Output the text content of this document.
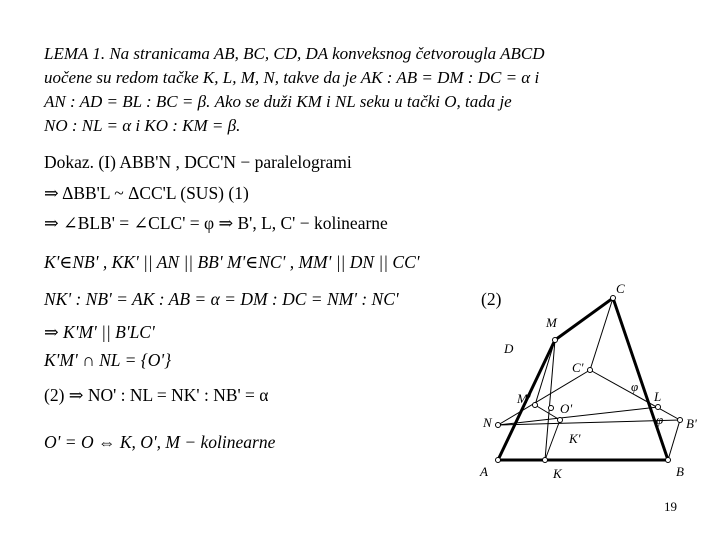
LEMA 1. Na stranicama AB, BC, CD, DA konveksnog četvorougla ABCD
uočene su redom tačke K, L, M, N, takve da je AK : AB = DM : DC = α i
AN : AD = BL : BC = β. Ako se duži KM i NL seku u tački O, tada je
NO : NL = α i KO : KM = β.
Dokaz. (I) ABB'N , DCC'N − paralelogrami
⇒ ΔBB'L ~ ΔCC'L (SUS) (1)
⇒ ∠BLB' = ∠CLC' = φ ⇒ B', L, C' − kolinearne
K'∈NB' , KK' || AN || BB' M'∈NC' , MM' || DN || CC'
NK' : NB' = AK : AB = α = DM : DC = NM' : NC'	(2)
⇒ K'M' || B'LC'
K'M' ∩ NL = {O'}
(2) ⇒ NO' : NL = NK' : NB' = α
O' = O ⇔ K, O', M − kolinearne
C
M
D
C'
φ
L
M'
O'
φ B'
N
K'
A	K	B
19
